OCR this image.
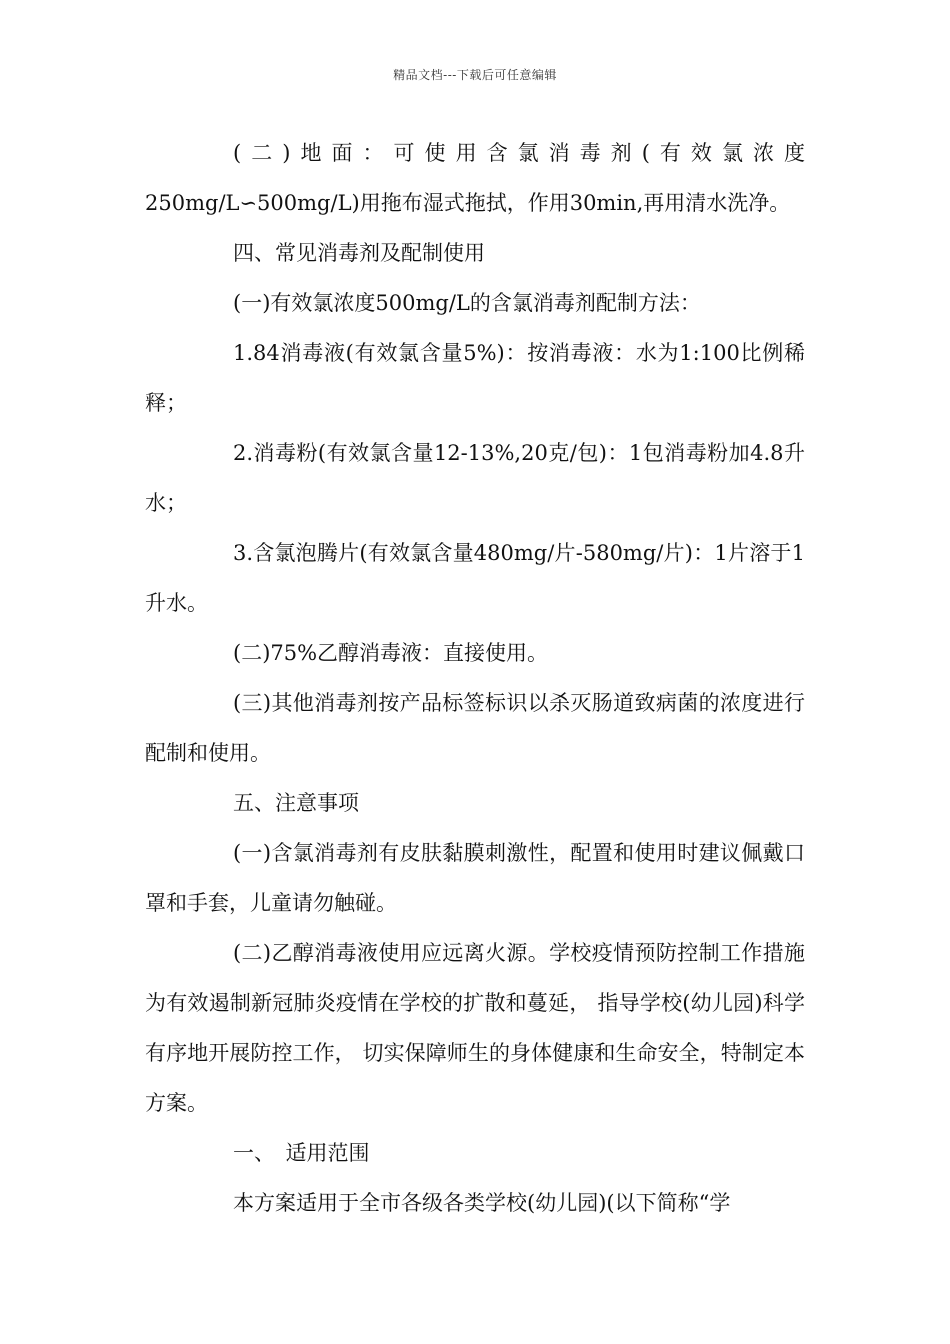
精品文档---下载后可任意编辑

(二)地面：可使用含氯消毒剂(有效氯浓度250mg/L∽500mg/L)用拖布湿式拖拭，作用30min,再用清水洗净。

四、常见消毒剂及配制使用

(一)有效氯浓度500mg/L的含氯消毒剂配制方法：

1.84消毒液(有效氯含量5%)：按消毒液：水为1:100比例稀释；

2.消毒粉(有效氯含量12-13%,20克/包)：1包消毒粉加4.8升水；

3.含氯泡腾片(有效氯含量480mg/片-580mg/片)：1片溶于1升水。

(二)75%乙醇消毒液：直接使用。

(三)其他消毒剂按产品标签标识以杀灭肠道致病菌的浓度进行配制和使用。

五、注意事项

(一)含氯消毒剂有皮肤黏膜刺激性，配置和使用时建议佩戴口罩和手套，儿童请勿触碰。

(二)乙醇消毒液使用应远离火源。学校疫情预防控制工作措施　　为有效遏制新冠肺炎疫情在学校的扩散和蔓延， 指导学校(幼儿园)科学有序地开展防控工作， 切实保障师生的身体健康和生命安全，特制定本方案。

一、　适用范围

本方案适用于全市各级各类学校(幼儿园)(以下简称“学
